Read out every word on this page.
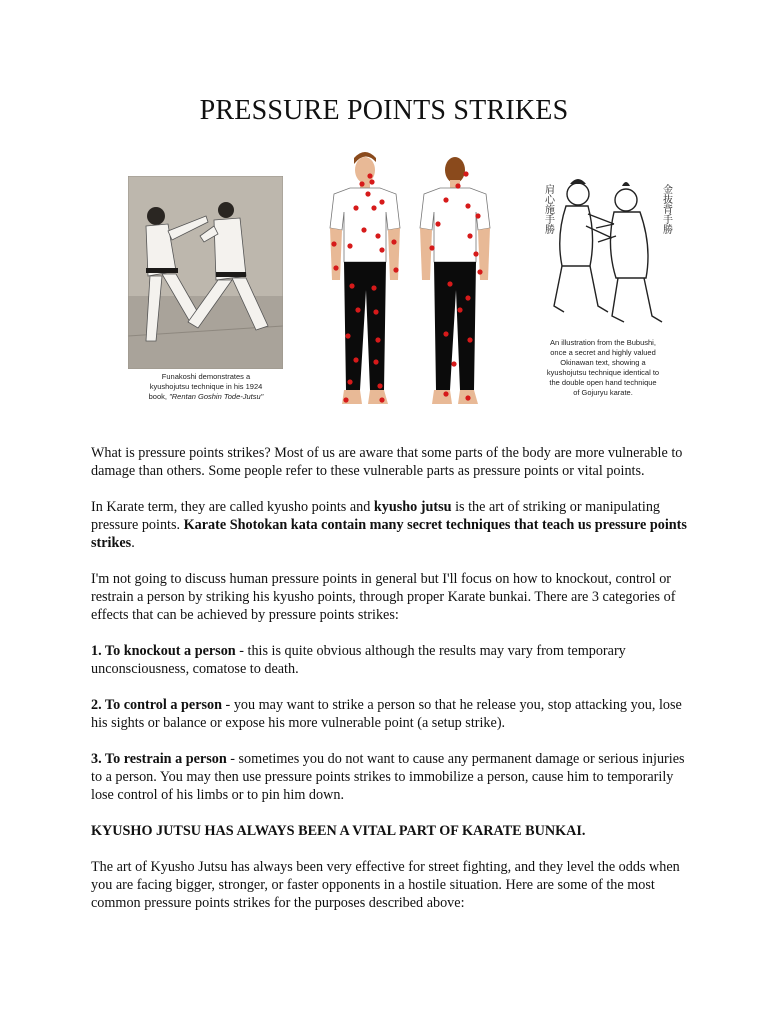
PRESSURE POINTS STRIKES
Funakoshi demonstrates a
kyushojutsu technique in his 1924
book, "Rentan Goshin Tode-Jutsu"
肩心施手勝	金抜背手勝
An illustration from the Bubushi,
once a secret and highly valued
Okinawan text, showing a
kyushojutsu technique identical to
the double open hand technique
of Gojuryu karate.

What is pressure points strikes? Most of us are aware that some parts of the body are more vulnerable to damage than others. Some people refer to these vulnerable parts as pressure points or vital points.

In Karate term, they are called kyusho points and kyusho jutsu is the art of striking or manipulating pressure points. Karate Shotokan kata contain many secret techniques that teach us pressure points strikes.

I'm not going to discuss human pressure points in general but I'll focus on how to knockout, control or restrain a person by striking his kyusho points, through proper Karate bunkai. There are 3 categories of effects that can be achieved by pressure points strikes:

1. To knockout a person - this is quite obvious although the results may vary from temporary unconsciousness, comatose to death.

2. To control a person - you may want to strike a person so that he release you, stop attacking you, lose his sights or balance or expose his more vulnerable point (a setup strike).

3. To restrain a person - sometimes you do not want to cause any permanent damage or serious injuries to a person. You may then use pressure points strikes to immobilize a person, cause him to temporarily lose control of his limbs or to pin him down.

KYUSHO JUTSU HAS ALWAYS BEEN A VITAL PART OF KARATE BUNKAI.

The art of Kyusho Jutsu has always been very effective for street fighting, and they level the odds when you are facing bigger, stronger, or faster opponents in a hostile situation. Here are some of the most common pressure points strikes for the purposes described above:
